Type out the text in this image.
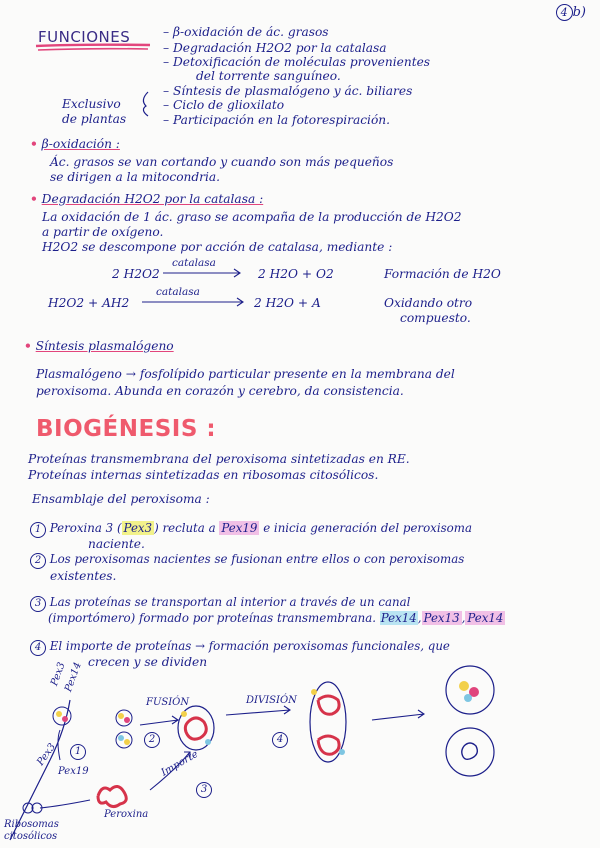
4 b)
FUNCIONES	– β-oxidación de ác. grasos
– Degradación H2O2 por la catalasa
– Detoxificación de moléculas provenientes
del torrente sanguíneo.
– Síntesis de plasmalógeno y ác. biliares
– Ciclo de glioxilato
– Participación en la fotorespiración.
Exclusivo
de plantas
• β-oxidación :
Ác. grasos se van cortando y cuando son más pequeños
se dirigen a la mitocondria.
• Degradación H2O2 por la catalasa :
La oxidación de 1 ác. graso se acompaña de la producción de H2O2
a partir de oxígeno.
H2O2 se descompone por acción de catalasa, mediante :
2 H2O2
catalasa
2 H2O + O2	Formación de H2O
H2O2 + AH2
catalasa
2 H2O + A	Oxidando otro
compuesto.
• Síntesis plasmalógeno
Plasmalógeno → fosfolípido particular presente en la membrana del
peroxisoma. Abunda en corazón y cerebro, da consistencia.
BIOGÉNESIS :
Proteínas transmembrana del peroxisoma sintetizadas en RE.
Proteínas internas sintetizadas en ribosomas citosólicos.
Ensamblaje del peroxisoma :
1 Peroxina 3 ( Pex3 ) recluta a Pex19 e inicia generación del peroxisoma
naciente.
2 Los peroxisomas nacientes se fusionan entre ellos o con peroxisomas
existentes.
3 Las proteínas se transportan al interior a través de un canal
(importómero) formado por proteínas transmembrana. Pex14, Pex13 , Pex14
4 El importe de proteínas → formación peroxisomas funcionales, que
crecen y se dividen
Pex3
Pex14
Pex3
Pex19
FUSIÓN	DIVISIÓN
Importe
Peroxina
Ribosomas
citosólicos
1
2
3
4
